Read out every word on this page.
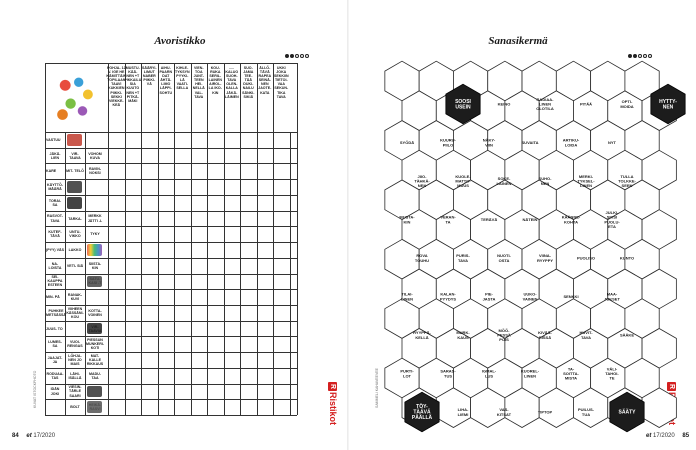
Avoristikko
POHJA- 12 V. IGE HE KÄMITTÄIN TOPILAAN TAAVI KUKKIEN PIIKKI- SEKKI VIEKKE- KEÄ
MUSTU- KÄÄ- NEN +T PIKKAILU SIA KUUTO NEN +T PITKÄ- MÄKI
SÄÄRYI- LIMUT NABER PIIKKI- VÄ
AIHU- PAARN DAT ÄHTÄ- LIMO LÄPPI- SOHTU
KIHLE- TYKSYN PYYKI- LÄ VAATI- SELLA
VIEN- TOA JUNT- TEEN HEI- NELLÄ VAL- TAVA
KOU- RUKA SERIL- LAINEN AIROL- LA IKO- KIN
..... KALUO SUOH- TAVA OLEN- KALLA JÄKÄ- LÄIMEN
SUO- JAMA TEE- TÄÄ DUKI- NAILU SÄNKI- SIKIÄ
ÄLLÖ- TÄVÄ RAPEA SEINÄ- NEN JAOTE- KATA
UKKI JOKA SEKKIIN TIETOI- VAA SEKUN- TIKA TAVA
VASTUU
JÄKÄ- LIEN
VIR- TAAVA
VOHOM KUVA
KARE	MIT- TELÖ
RAVIN- NOKSI
KÄYTTÖ- MÄÄRÄ
TORAI- SA
RASVOT- TAVA
TARKA-
MERKK JÄTTI -L
KUTEF- TÄVÄ
UNTU- VIKKO
TYKY
(PYY) VÄS	LAKKO
NA- LOISTA
VETI- SIÄ
SIISTA- KIN
SEI- KAUPPA ESTEEN
MIN- PÄ
RANAK- KUVI
PUHKEE METSÄSSÄ
VIIHEEN KÄSSÄNI- KOU
KOTTA- VOINEN
JUUS- TO
LUMES- SA
VUOI- RENGAS
PIESSUN MUNKERI- KOTI
JAAJAT- JA
LÖHJA- NEN JO MAIS
MAT- KALLE RIKKAUS
RODUAA- TAS
LÄHI- ISÄLLÄ
MADU- TAA
IDÄN JOKI
VIESIN- TÄRLE SAARI
BOLT
KUVAT ISTOCKPHOTO	R
Ristikot
84 et 17/2020
Sanasikermä
SAMMELI KAHAVEEVEE	R
et 17/2020 85
SOOSI USEIN
KEINO
RADIAA-LINEN OLOTILA
PITÄÄ	OPTI-MOIDA
HYTTY-NEN
SYÖDÄ	KUURU-PIILO
NÄKY-VIIN	SUVAITA	ARTIKU-LOIDA	NYT
JIIO-TÄHKÄ-NEN
KUOLE-MATTO-MUUS
SOKE-LAINEN
SUHO-NEN
MERKI-TYKSEL-LINEN
TULLA TOLKKE-SEEN
MUSTA-KIN
VERAN-TA	TERÄVÄ	NÄTEIN	KÄÄNNE-KOHTA
JULKI-SIKSI PUOLU-ETA
ROVA TOUHU
PURIS-TAVA
NUOTI-OSTA
VIINA-RYYPPY	PUOLISO	KUNTO
TILAI-LINEN
KALAN-PYYDYS
PIE-JASTA
UUKO-VAINEN	SENKKI	MAA-JUKSET
RYYPPÄ-KELLÄ
MURK-KAUS
MÖÖ-PESSÄ POIS
KIVÄÄ-RISSÄ
HUVIT-TAVA	SÄÄKE
PURTI-LOT
SARAS-TUS
IGMAL-LUS
KUOREL-LINEN
TA-SOITTA-MISTA
VÄLI-TAHOI-TE
TÖY-TÄÄVÄ PÄÄLLÄ
LIHA-LIEMI
VAS-KITSAT	TIPTOP	PUILUS-TUA	SÄÄTY
